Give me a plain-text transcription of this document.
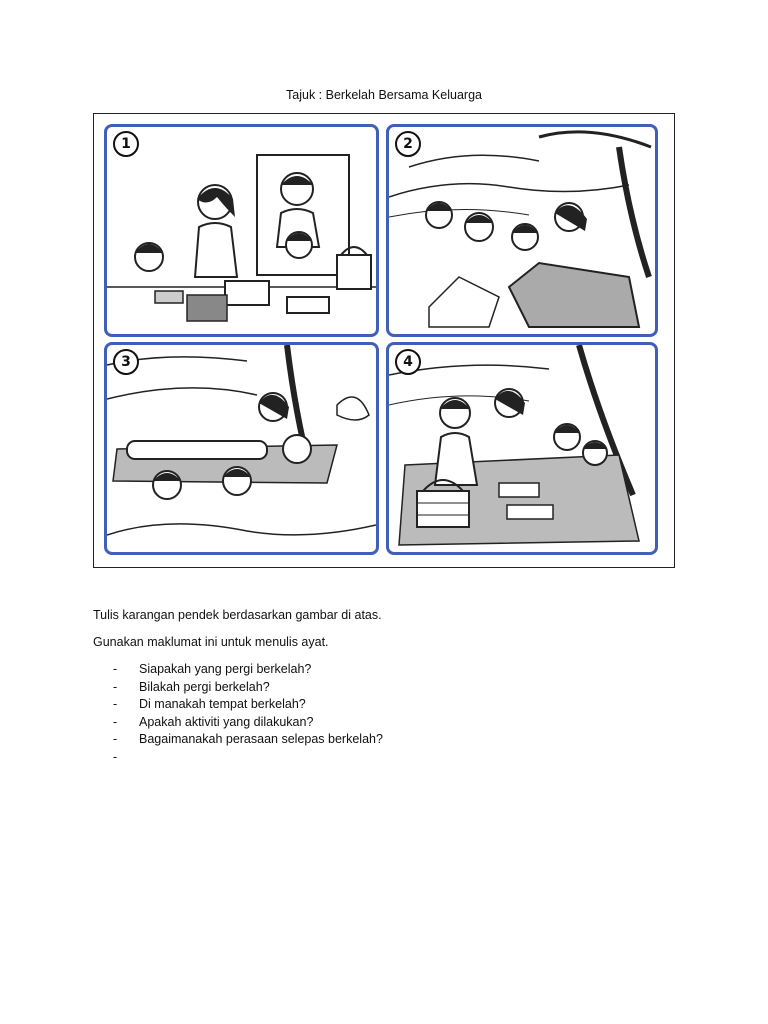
Tajuk : Berkelah Bersama Keluarga
1	2
3	4
Tulis karangan pendek berdasarkan gambar di atas.
Gunakan maklumat ini untuk menulis ayat.
- Siapakah yang pergi berkelah?
- Bilakah pergi berkelah?
- Di manakah tempat berkelah?
- Apakah aktiviti yang dilakukan?
- Bagaimanakah perasaan selepas berkelah?
-
